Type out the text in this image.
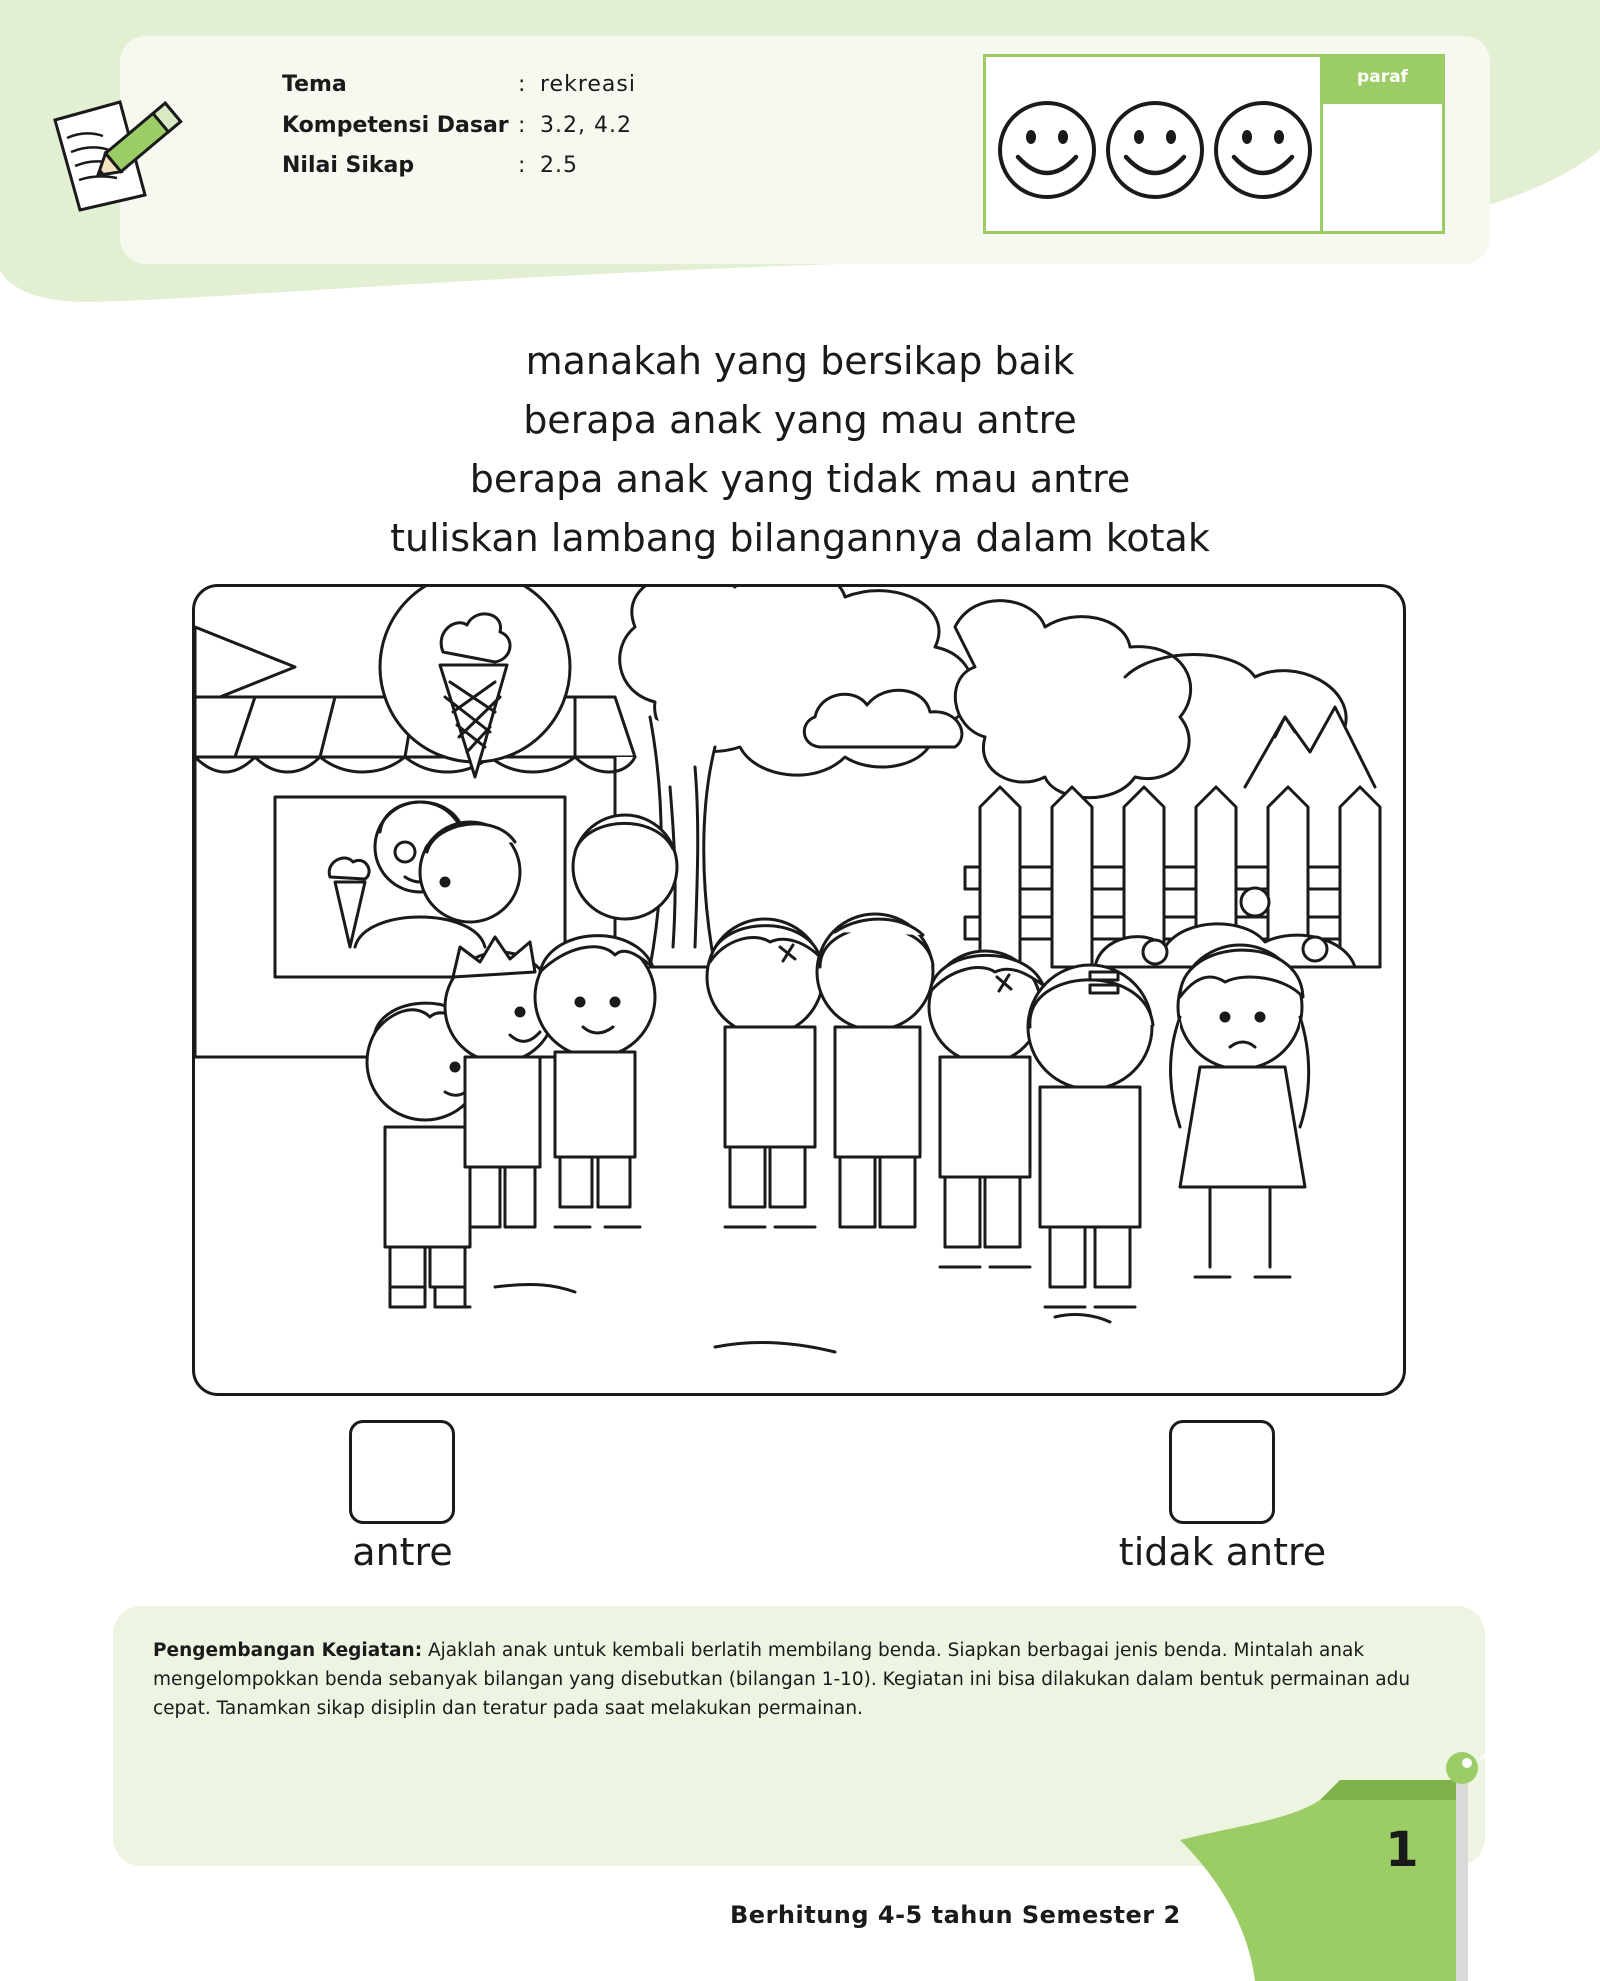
Tema	: rekreasi
Kompetensi Dasar : 3.2, 4.2
Nilai Sikap	: 2.5
paraf
manakah yang bersikap baik
berapa anak yang mau antre
berapa anak yang tidak mau antre
tuliskan lambang bilangannya dalam kotak
antre	tidak antre
Pengembangan Kegiatan: Ajaklah anak untuk kembali berlatih membilang benda. Siapkan berbagai jenis benda. Mintalah anak mengelompokkan benda sebanyak bilangan yang disebutkan (bilangan 1-10). Kegiatan ini bisa dilakukan dalam bentuk permainan adu cepat. Tanamkan sikap disiplin dan teratur pada saat melakukan permainan.
1
Berhitung 4-5 tahun Semester 2
